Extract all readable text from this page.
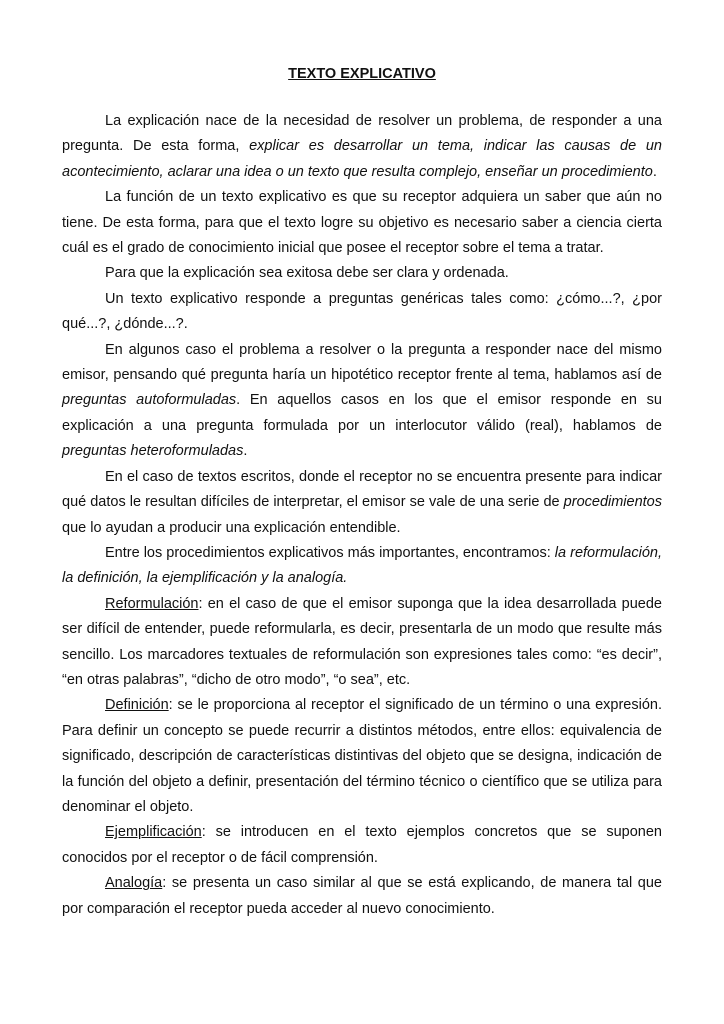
TEXTO EXPLICATIVO

La explicación nace de la necesidad de resolver un problema, de responder a una pregunta. De esta forma, explicar es desarrollar un tema, indicar las causas de un acontecimiento, aclarar una idea o un texto que resulta complejo, enseñar un procedimiento.

La función de un texto explicativo es que su receptor adquiera un saber que aún no tiene. De esta forma, para que el texto logre su objetivo es necesario saber a ciencia cierta cuál es el grado de conocimiento inicial que posee el receptor sobre el tema a tratar.

Para que la explicación sea exitosa debe ser clara y ordenada.

Un texto explicativo responde a preguntas genéricas tales como: ¿cómo...?, ¿por qué...?, ¿dónde...?.

En algunos caso el problema a resolver o la pregunta a responder nace del mismo emisor, pensando qué pregunta haría un hipotético receptor frente al tema, hablamos así de preguntas autoformuladas. En aquellos casos en los que el emisor responde en su explicación a una pregunta formulada por un interlocutor válido (real), hablamos de preguntas heteroformuladas.

En el caso de textos escritos, donde el receptor no se encuentra presente para indicar qué datos le resultan difíciles de interpretar, el emisor se vale de una serie de procedimientos que lo ayudan a producir una explicación entendible.

Entre los procedimientos explicativos más importantes, encontramos: la reformulación, la definición, la ejemplificación y la analogía.

Reformulación: en el caso de que el emisor suponga que la idea desarrollada puede ser difícil de entender, puede reformularla, es decir, presentarla de un modo que resulte más sencillo. Los marcadores textuales de reformulación son expresiones tales como: “es decir”, “en otras palabras”, “dicho de otro modo”, “o sea”, etc.

Definición: se le proporciona al receptor el significado de un término o una expresión. Para definir un concepto se puede recurrir a distintos métodos, entre ellos: equivalencia de significado, descripción de características distintivas del objeto que se designa, indicación de la función del objeto a definir, presentación del término técnico o científico que se utiliza para denominar el objeto.

Ejemplificación: se introducen en el texto ejemplos concretos que se suponen conocidos por el receptor o de fácil comprensión.

Analogía: se presenta un caso similar al que se está explicando, de manera tal que por comparación el receptor pueda acceder al nuevo conocimiento.
